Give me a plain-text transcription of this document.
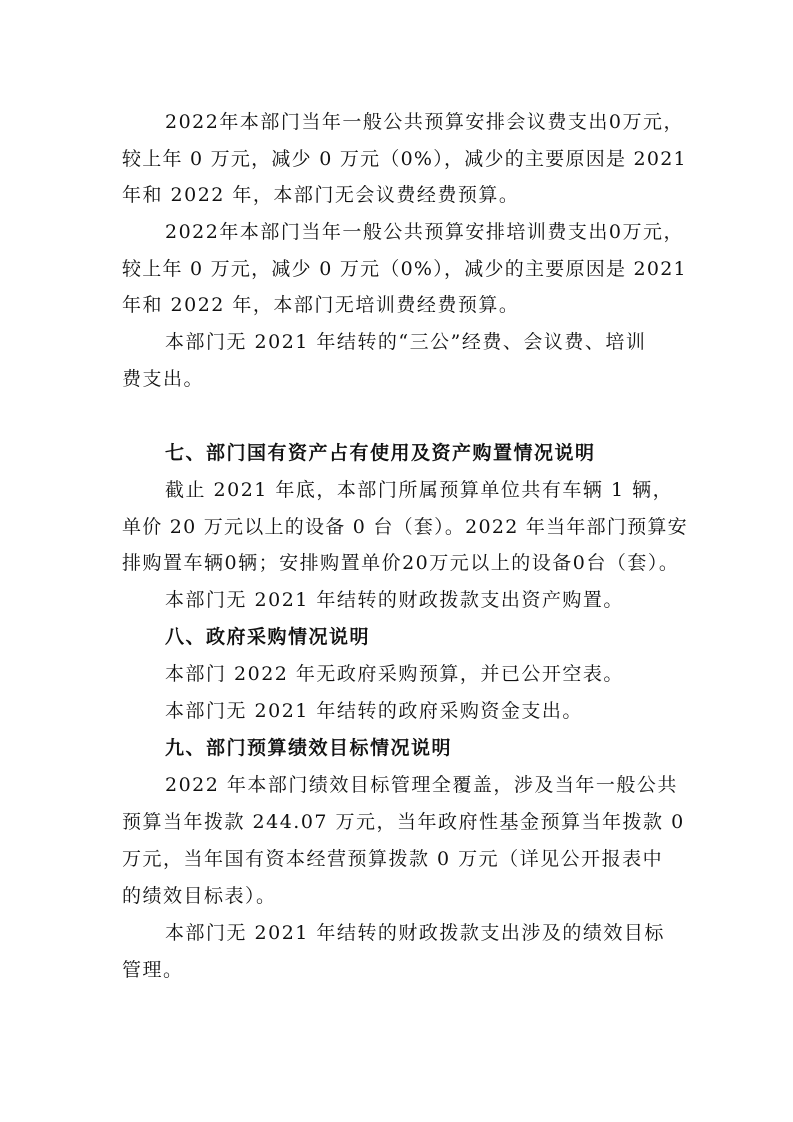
2022年本部门当年一般公共预算安排会议费支出0万元，
较上年 0 万元，减少 0 万元（0%），减少的主要原因是 2021
年和 2022 年，本部门无会议费经费预算。
2022年本部门当年一般公共预算安排培训费支出0万元，
较上年 0 万元，减少 0 万元（0%），减少的主要原因是 2021
年和 2022 年，本部门无培训费经费预算。
本部门无 2021 年结转的“三公”经费、会议费、培训
费支出。
七、部门国有资产占有使用及资产购置情况说明
截止 2021 年底，本部门所属预算单位共有车辆 1 辆，
单价 20 万元以上的设备 0 台（套）。2022 年当年部门预算安
排购置车辆0辆；安排购置单价20万元以上的设备0台（套）。
本部门无 2021 年结转的财政拨款支出资产购置。
八、政府采购情况说明
本部门 2022 年无政府采购预算，并已公开空表。
本部门无 2021 年结转的政府采购资金支出。
九、部门预算绩效目标情况说明
2022 年本部门绩效目标管理全覆盖，涉及当年一般公共
预算当年拨款 244.07 万元，当年政府性基金预算当年拨款 0
万元，当年国有资本经营预算拨款 0 万元（详见公开报表中
的绩效目标表）。
本部门无 2021 年结转的财政拨款支出涉及的绩效目标
管理。
